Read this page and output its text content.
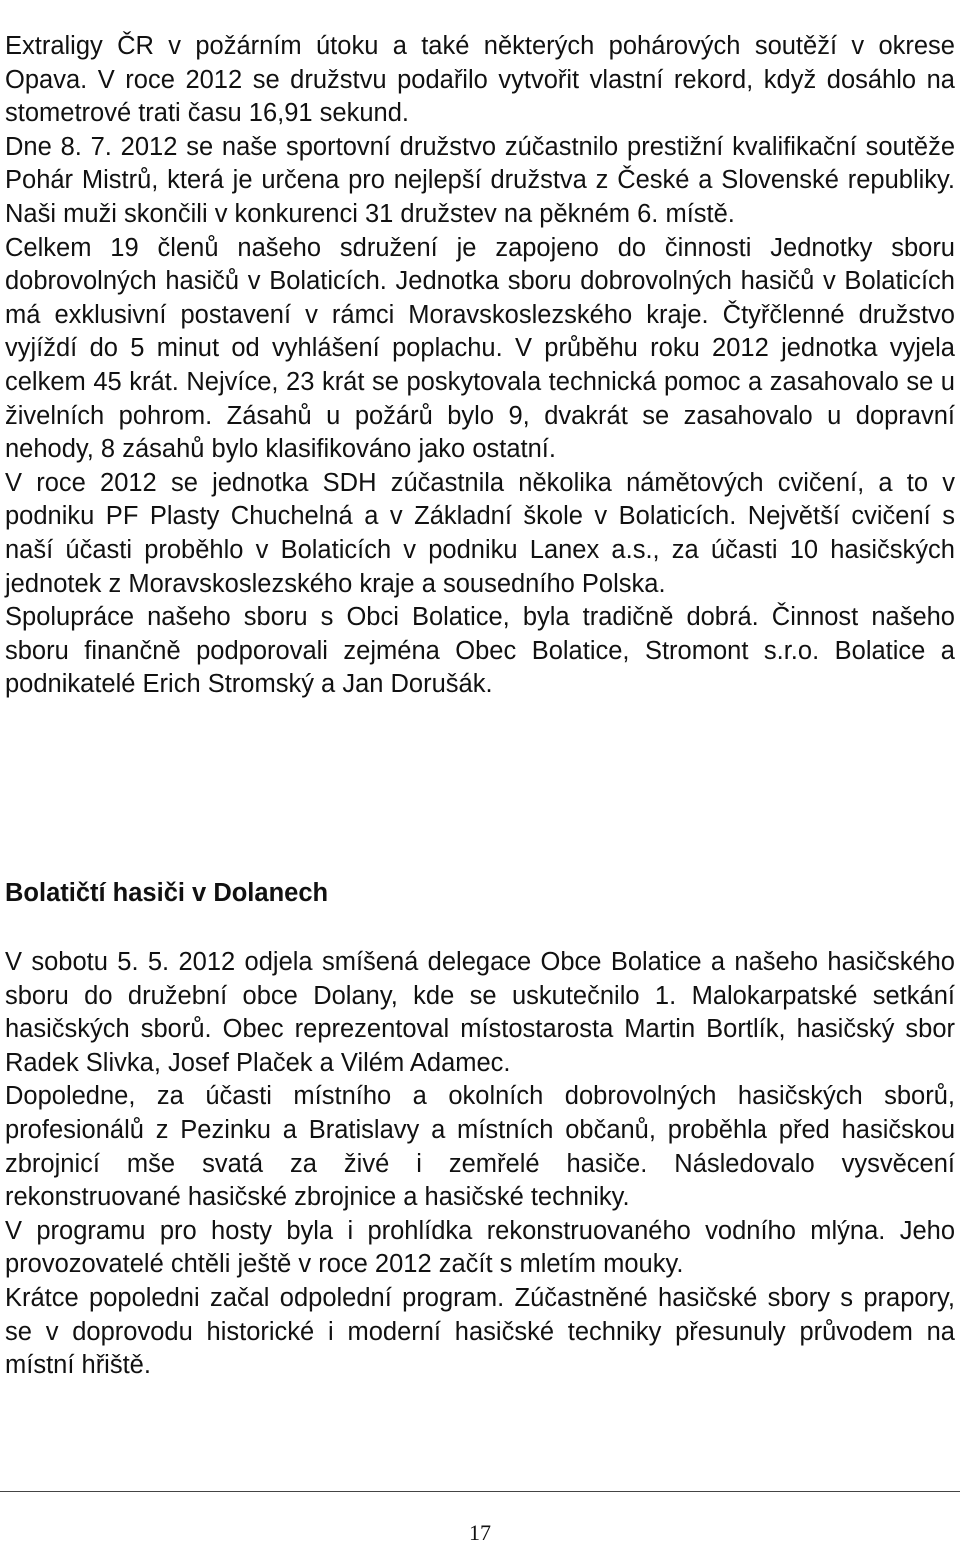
Extraligy ČR v požárním útoku a také některých pohárových soutěží v okrese Opava. V roce 2012 se družstvu podařilo vytvořit vlastní rekord, když dosáhlo na stometrové trati času 16,91 sekund.

Dne 8. 7. 2012 se naše sportovní družstvo zúčastnilo prestižní kvalifikační soutěže Pohár Mistrů, která je určena pro nejlepší družstva z České a Slovenské republiky. Naši muži skončili v konkurenci 31 družstev na pěkném 6. místě.

Celkem 19 členů našeho sdružení je zapojeno do činnosti Jednotky sboru dobrovolných hasičů v Bolaticích. Jednotka sboru dobrovolných hasičů v Bolaticích má exklusivní postavení v rámci Moravskoslezského kraje. Čtyřčlenné družstvo vyjíždí do 5 minut od vyhlášení poplachu. V průběhu roku 2012 jednotka vyjela celkem 45 krát. Nejvíce, 23 krát se poskytovala technická pomoc a zasahovalo se u živelních pohrom. Zásahů u požárů bylo 9, dvakrát se zasahovalo u dopravní nehody, 8 zásahů bylo klasifikováno jako ostatní.

V roce 2012 se jednotka SDH zúčastnila několika námětových cvičení, a to v podniku PF Plasty Chuchelná a v Základní škole v Bolaticích. Největší cvičení s naší účasti proběhlo v Bolaticích v podniku Lanex a.s., za účasti 10 hasičských jednotek z Moravskoslezského kraje a sousedního Polska.

Spolupráce našeho sboru s Obci Bolatice, byla tradičně dobrá. Činnost našeho sboru finančně podporovali zejména Obec Bolatice, Stromont s.r.o. Bolatice a podnikatelé Erich Stromský a Jan Dorušák.

Bolatičtí hasiči v Dolanech

V sobotu 5. 5. 2012 odjela smíšená delegace Obce Bolatice a našeho hasičského sboru do družební obce Dolany, kde se uskutečnilo 1. Malokarpatské setkání hasičských sborů. Obec reprezentoval místostarosta Martin Bortlík, hasičský sbor Radek Slivka, Josef Plaček a Vilém Adamec.

Dopoledne, za účasti místního a okolních dobrovolných hasičských sborů, profesionálů z Pezinku a Bratislavy a místních občanů, proběhla před hasičskou zbrojnicí mše svatá za živé i zemřelé hasiče. Následovalo vysvěcení rekonstruované hasičské zbrojnice a hasičské techniky.

V programu pro hosty byla i prohlídka rekonstruovaného vodního mlýna. Jeho provozovatelé chtěli ještě v roce 2012 začít s mletím mouky.

Krátce popoledni začal odpolední program. Zúčastněné hasičské sbory s prapory, se v doprovodu historické i moderní hasičské techniky přesunuly průvodem na místní hřiště.

17
